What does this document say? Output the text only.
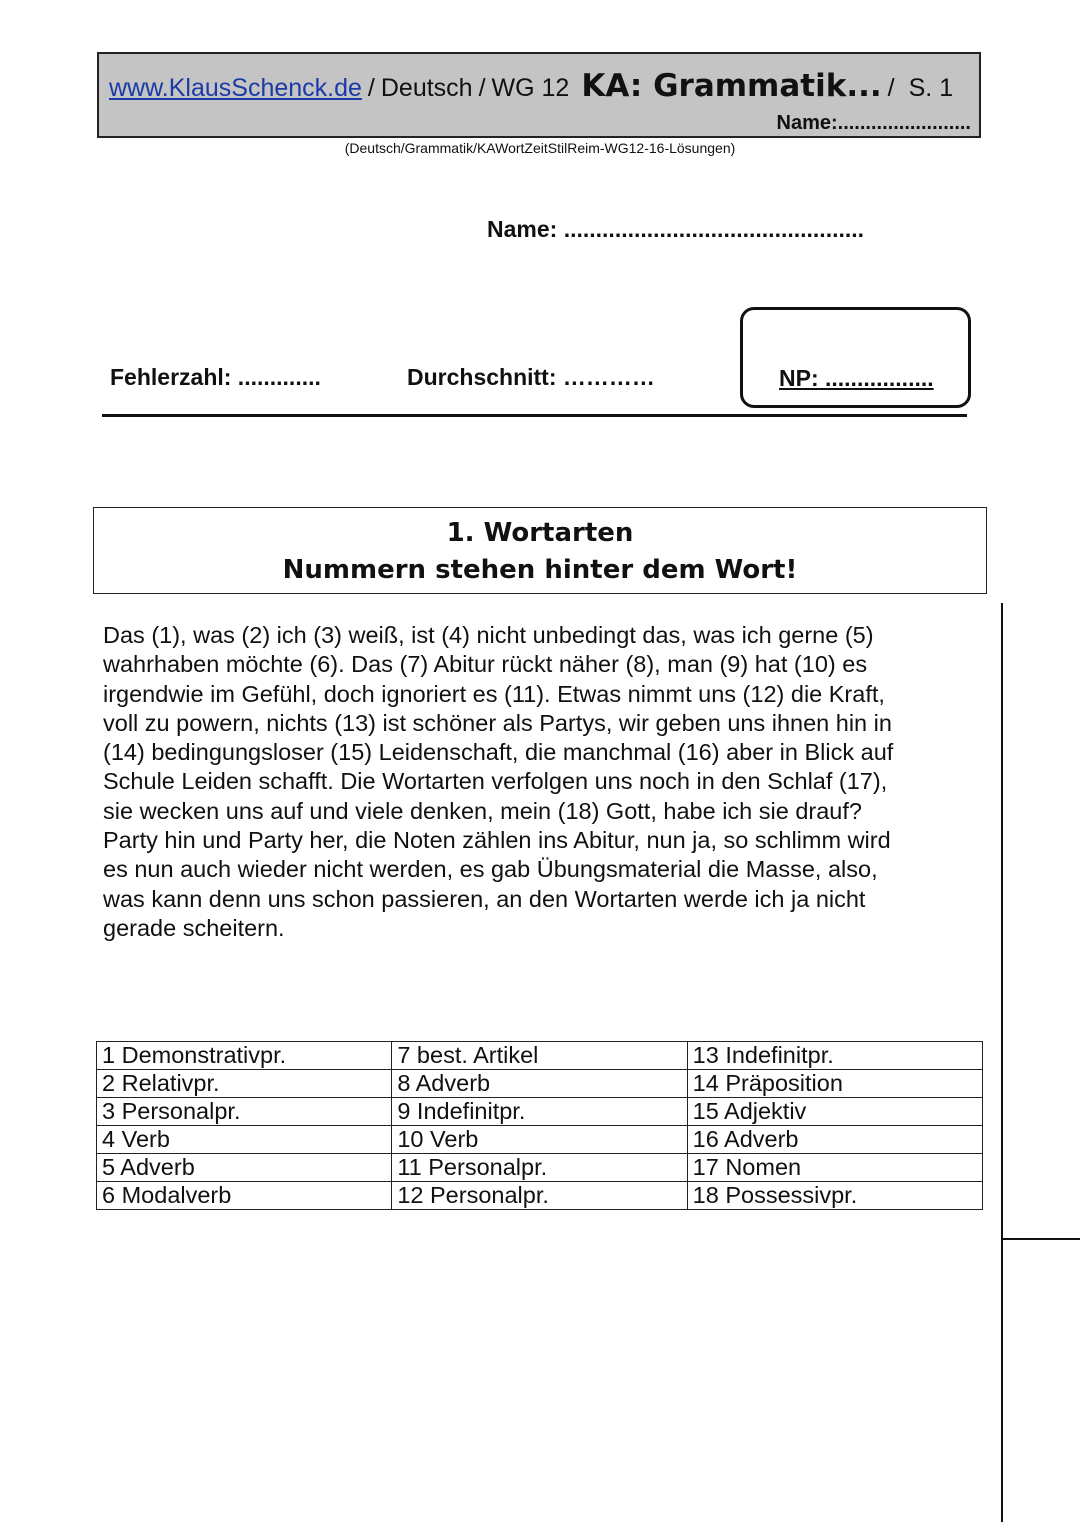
www.KlausSchenck.de / Deutsch / WG 12 KA: Grammatik... / S. 1
Name:........................
(Deutsch/Grammatik/KAWortZeitStilReim-WG12-16-Lösungen)
Name: ...............................................
Fehlerzahl: .............	Durchschnitt: …………	NP: .................
1. Wortarten
Nummern stehen hinter dem Wort!

Das (1), was (2) ich (3) weiß, ist (4) nicht unbedingt das, was ich gerne (5)

wahrhaben möchte (6). Das (7) Abitur rückt näher (8), man (9) hat (10) es

irgendwie im Gefühl, doch ignoriert es (11). Etwas nimmt uns (12) die Kraft,

voll zu powern, nichts (13) ist schöner als Partys, wir geben uns ihnen hin in

(14) bedingungsloser (15) Leidenschaft, die manchmal (16) aber in Blick auf

Schule Leiden schafft. Die Wortarten verfolgen uns noch in den Schlaf (17),

sie wecken uns auf und viele denken, mein (18) Gott, habe ich sie drauf?

Party hin und Party her, die Noten zählen ins Abitur, nun ja, so schlimm wird

es nun auch wieder nicht werden, es gab Übungsmaterial die Masse, also,

was kann denn uns schon passieren, an den Wortarten werde ich ja nicht

gerade scheitern.

1 Demonstrativpr.	7 best. Artikel	13 Indefinitpr.
2 Relativpr.	8 Adverb	14 Präposition
3 Personalpr.	9 Indefinitpr.	15 Adjektiv
4 Verb	10 Verb	16 Adverb
5 Adverb	11 Personalpr.	17 Nomen
6 Modalverb	12 Personalpr.	18 Possessivpr.
